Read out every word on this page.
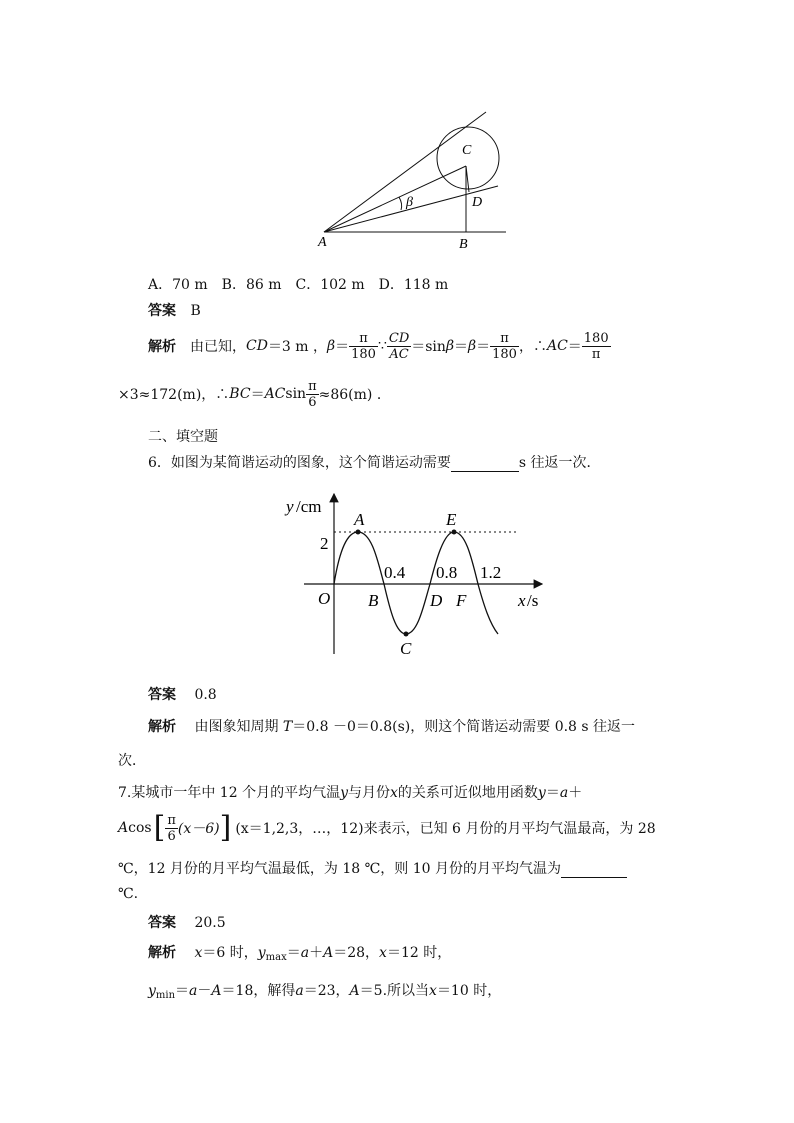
C
D
β
A	B
A．70 m　B．86 m　C．102 m　D．118 m
答案 B
解析 由已知， CD ＝3 m ， $\beta = \frac{\pi}{180}$ ∵ $\frac{CD}{AC} =\sin$ $\beta = \beta = \frac{\pi}{180}$ ，∴ AC ＝ $\frac{180}{\pi}$
×3≈172(m)，∴ BC ＝ AC $\sin \frac{\pi}{6} \approx 86(m)$ ．
二、填空题
6．如图为某简谐运动的图象，这个简谐运动需要	s 往返一次．
y /cm
2
A	E
0.4 0.8 1.2
O B	D F	x /s
C
答案 0.8
解析 由图象知周期 T＝0.8 －0＝0.8(s)，则这个简谐运动需要 0.8 s 往返一
次．
7.某城市一年中 12 个月的平均气温y与月份x的关系可近似地用函数y＝a＋
A cos [ $\frac{\pi}{6} (x-6)$ ] (x＝1,2,3，…，12)来表示，已知 6 月份的月平均气温最高，为 28
℃，12 月份的月平均气温最低，为 18 ℃，则 10 月份的月平均气温为
℃.
答案 20.5
解析 x＝6 时，$y_{max}=a+A=28$，x＝12 时，
$y_{min}=a-A=18$，解得a＝23，A＝5.所以当x＝10 时，
